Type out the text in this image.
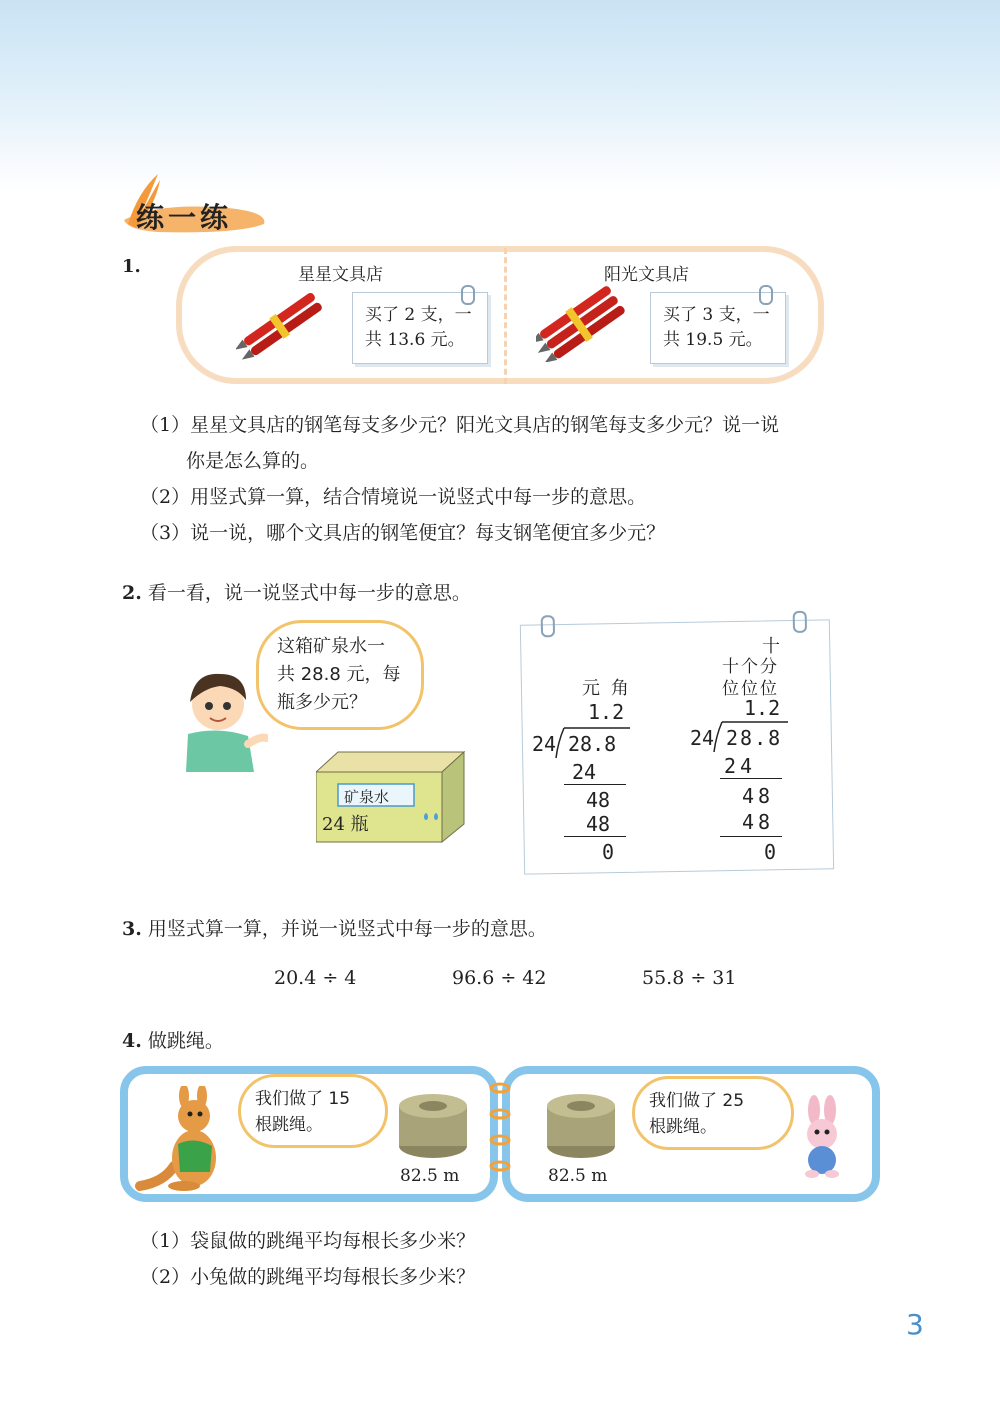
练一练
1.	星星文具店	阳光文具店
买了 2 支，一
共 13.6 元。
买了 3 支，一
共 19.5 元。
（1）星星文具店的钢笔每支多少元？阳光文具店的钢笔每支多少元？说一说
你是怎么算的。
（2）用竖式算一算，结合情境说一说竖式中每一步的意思。
（3）说一说，哪个文具店的钢笔便宜？每支钢笔便宜多少元？
2. 看一看，说一说竖式中每一步的意思。
这箱矿泉水一
共 28.8 元，每
瓶多少元？
矿泉水
24 瓶
元 角
1.2
24 28.8
24
48
48
0
十
十个分
位位位
1.2
24 28.8
24
48
48
0
3. 用竖式算一算，并说一说竖式中每一步的意思。
20.4 ÷ 4	96.6 ÷ 42	55.8 ÷ 31
4. 做跳绳。
我们做了 15
根跳绳。
82.5 m	82.5 m
我们做了 25
根跳绳。
（1）袋鼠做的跳绳平均每根长多少米？
（2）小兔做的跳绳平均每根长多少米？
3
